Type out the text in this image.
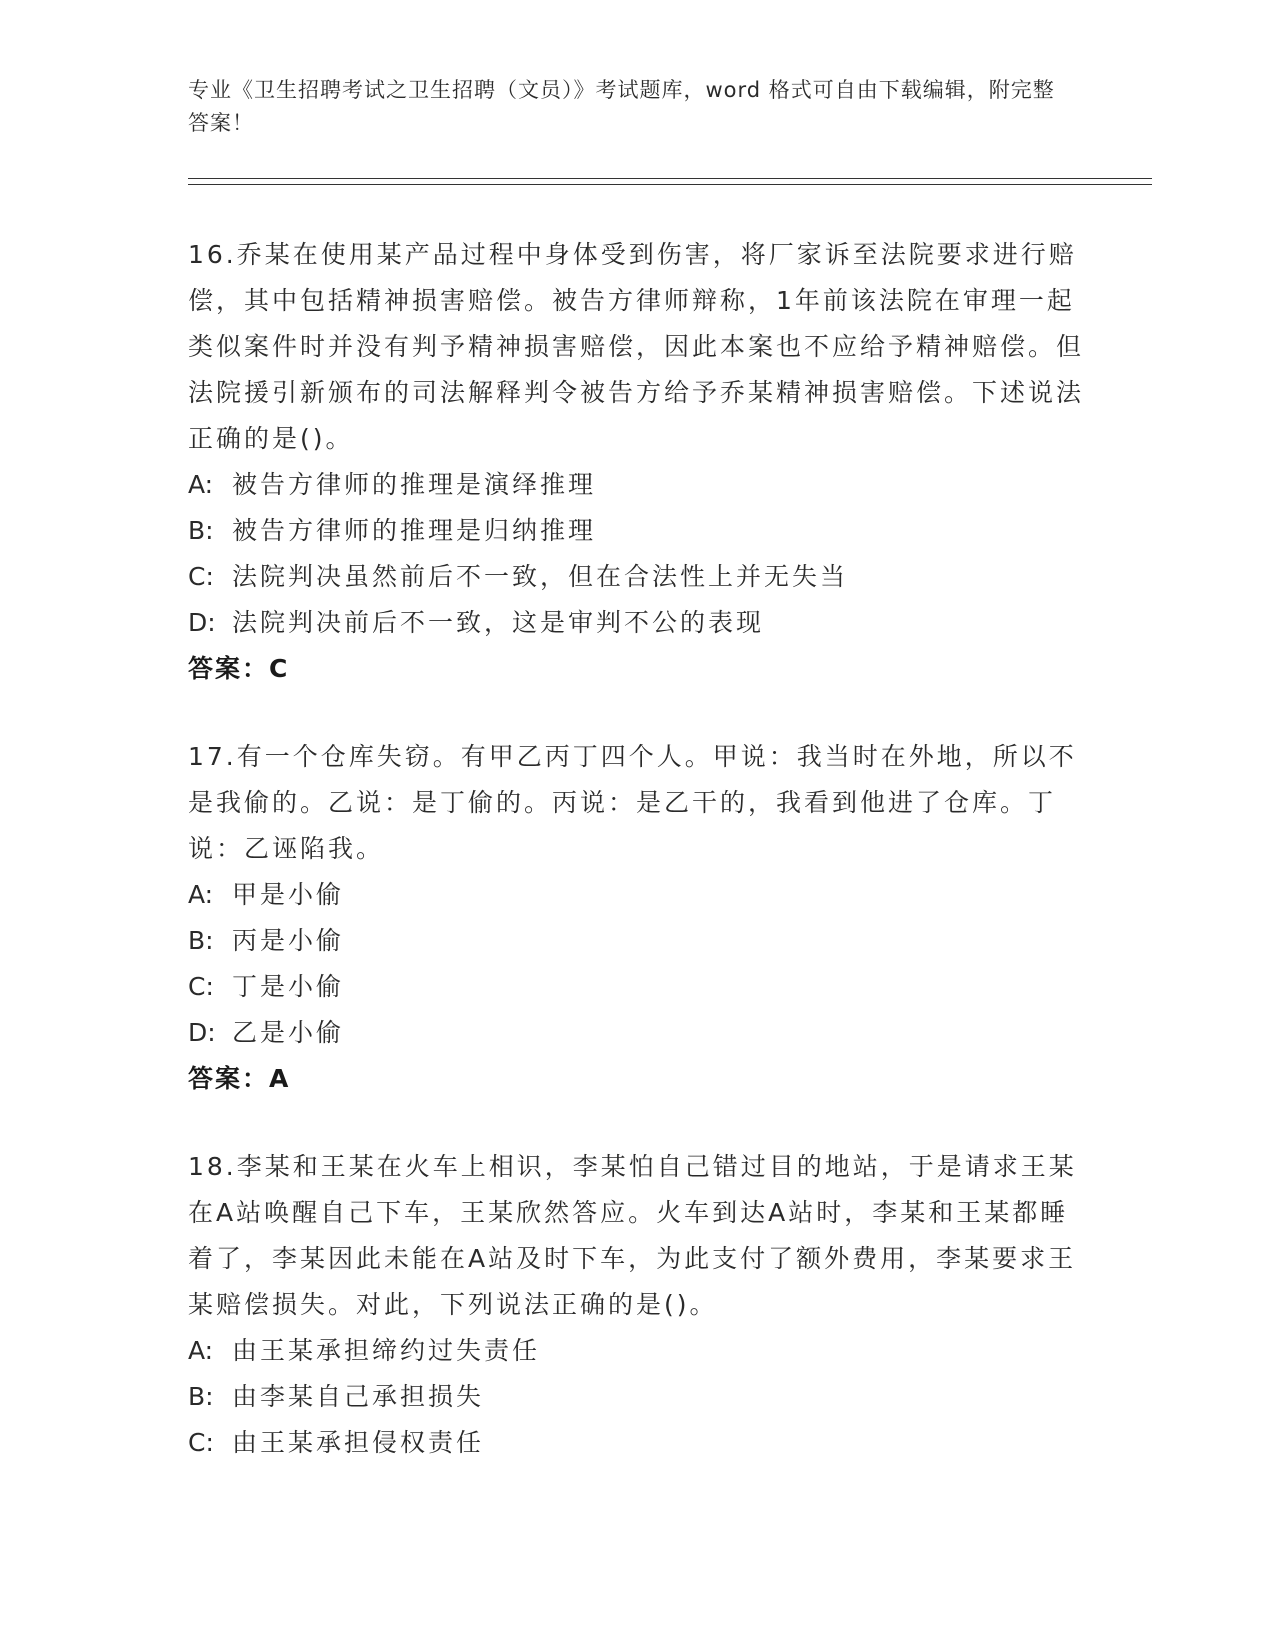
专业《卫生招聘考试之卫生招聘（文员）》考试题库，word 格式可自由下载编辑，附完整答案！
16.乔某在使用某产品过程中身体受到伤害，将厂家诉至法院要求进行赔偿，其中包括精神损害赔偿。被告方律师辩称，1年前该法院在审理一起类似案件时并没有判予精神损害赔偿，因此本案也不应给予精神赔偿。但法院援引新颁布的司法解释判令被告方给予乔某精神损害赔偿。下述说法正确的是()。
A: 被告方律师的推理是演绎推理
B: 被告方律师的推理是归纳推理
C: 法院判决虽然前后不一致，但在合法性上并无失当
D: 法院判决前后不一致，这是审判不公的表现
答案：C
17.有一个仓库失窃。有甲乙丙丁四个人。甲说：我当时在外地，所以不是我偷的。乙说：是丁偷的。丙说：是乙干的，我看到他进了仓库。丁说：乙诬陷我。
A: 甲是小偷
B: 丙是小偷
C: 丁是小偷
D: 乙是小偷
答案：A
18.李某和王某在火车上相识，李某怕自己错过目的地站，于是请求王某在A站唤醒自己下车，王某欣然答应。火车到达A站时，李某和王某都睡着了，李某因此未能在A站及时下车，为此支付了额外费用，李某要求王某赔偿损失。对此，下列说法正确的是()。
A: 由王某承担缔约过失责任
B: 由李某自己承担损失
C: 由王某承担侵权责任
